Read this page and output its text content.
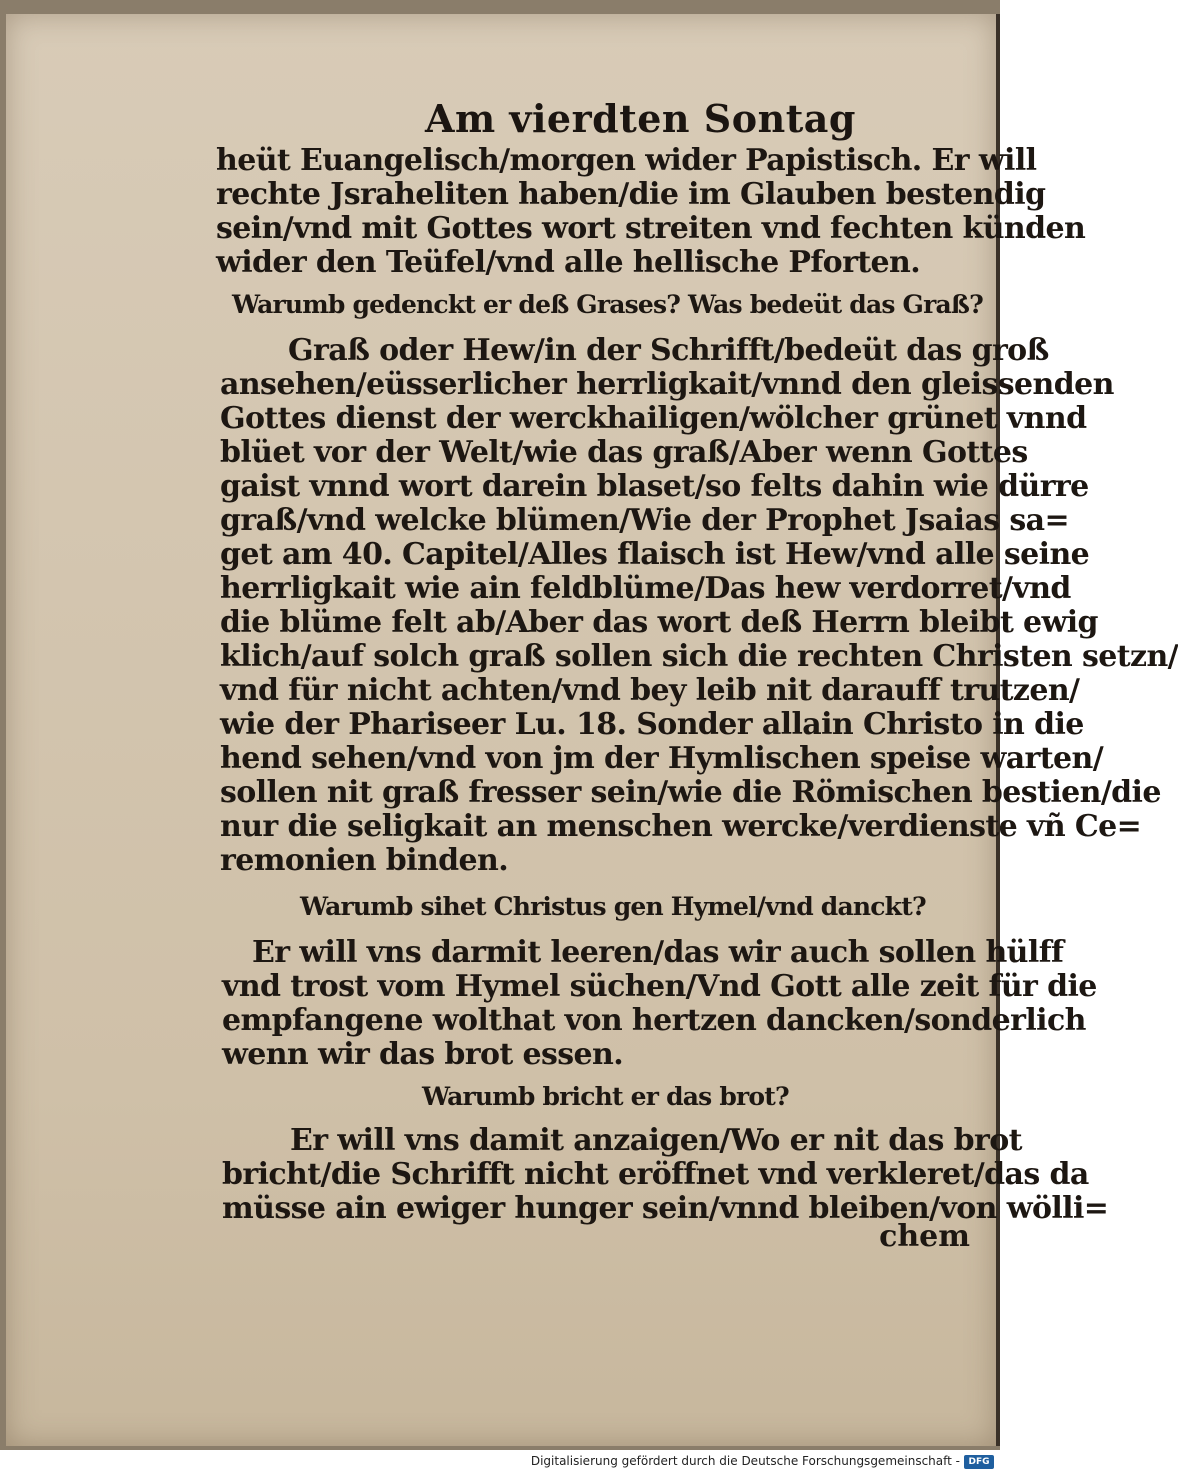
Am vierdten Sontag
heüt Euangelisch/morgen wider Papistisch. Er will
rechte Jsraheliten haben/die im Glauben bestendig
sein/vnd mit Gottes wort streiten vnd fechten künden
wider den Teüfel/vnd alle hellische Pforten.
Warumb gedenckt er deß Grases? Was bedeüt das Graß?
Graß oder Hew/in der Schrifft/bedeüt das groß
ansehen/eüsserlicher herrligkait/vnnd den gleissenden
Gottes dienst der werckhailigen/wölcher grünet vnnd
blüet vor der Welt/wie das graß/Aber wenn Gottes
gaist vnnd wort darein blaset/so felts dahin wie dürre
graß/vnd welcke blümen/Wie der Prophet Jsaias sa=
get am 40. Capitel/Alles flaisch ist Hew/vnd alle seine
herrligkait wie ain feldblüme/Das hew verdorret/vnd
die blüme felt ab/Aber das wort deß Herrn bleibt ewig
klich/auf solch graß sollen sich die rechten Christen setzn/
vnd für nicht achten/vnd bey leib nit darauff trutzen/
wie der Phariseer Lu. 18. Sonder allain Christo in die
hend sehen/vnd von jm der Hymlischen speise warten/
sollen nit graß fresser sein/wie die Römischen bestien/die
nur die seligkait an menschen wercke/verdienste vñ Ce=
remonien binden.
Warumb sihet Christus gen Hymel/vnd danckt?
Er will vns darmit leeren/das wir auch sollen hülff
vnd trost vom Hymel süchen/Vnd Gott alle zeit für die
empfangene wolthat von hertzen dancken/sonderlich
wenn wir das brot essen.
Warumb bricht er das brot?
Er will vns damit anzaigen/Wo er nit das brot
bricht/die Schrifft nicht eröffnet vnd verkleret/das da
müsse ain ewiger hunger sein/vnnd bleiben/von wölli=
chem
Digitalisierung gefördert durch die Deutsche Forschungsgemeinschaft - DFG
